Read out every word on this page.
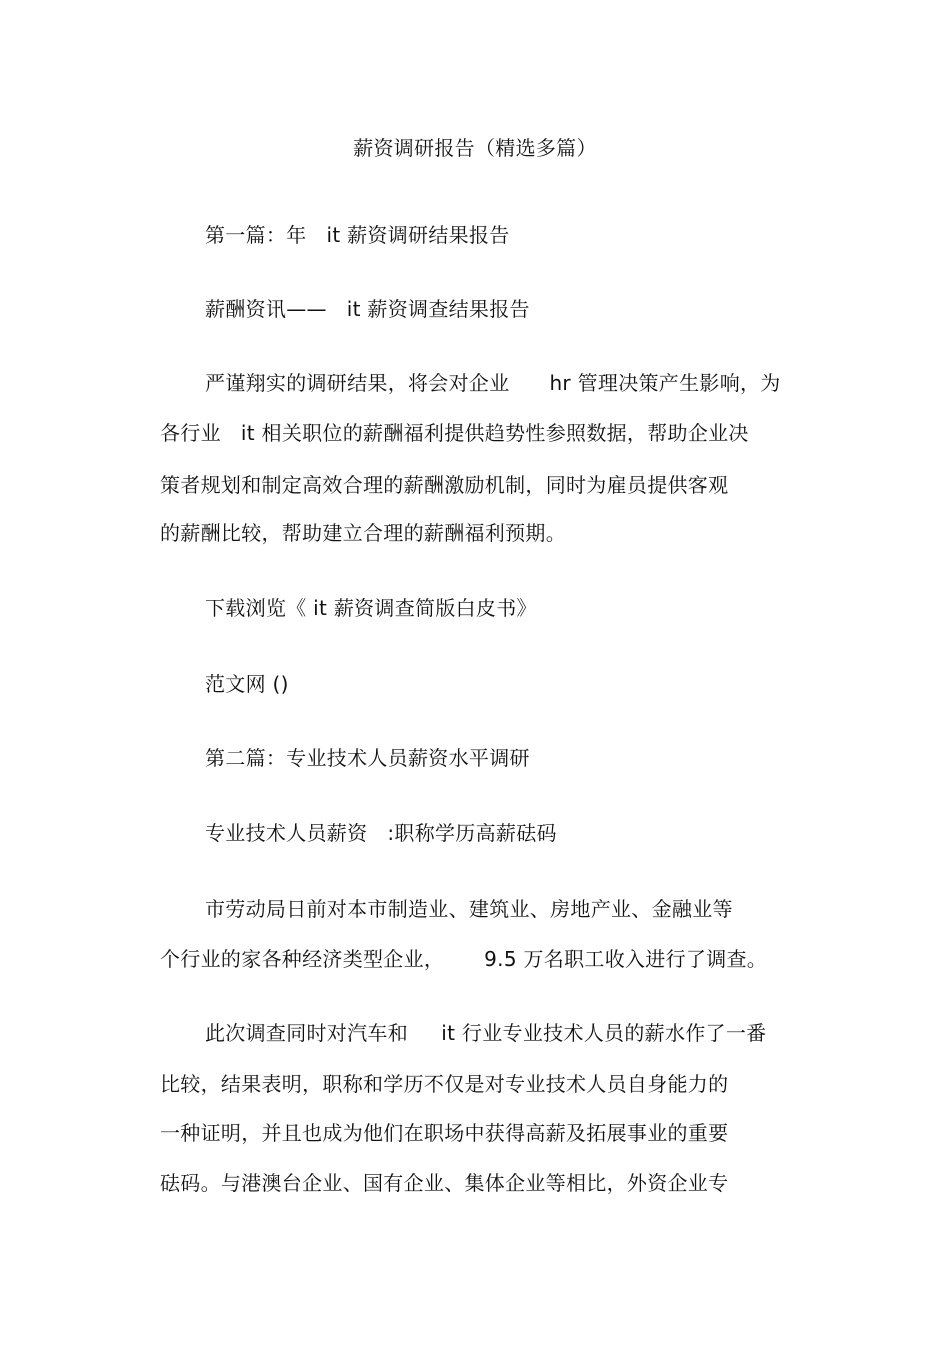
薪资调研报告（精选多篇）
第一篇：年   it 薪资调研结果报告
薪酬资讯——   it 薪资调查结果报告
严谨翔实的调研结果，将会对企业      hr 管理决策产生影响，为
各行业   it 相关职位的薪酬福利提供趋势性参照数据，帮助企业决
策者规划和制定高效合理的薪酬激励机制，同时为雇员提供客观
的薪酬比较，帮助建立合理的薪酬福利预期。
下载浏览《 it 薪资调查简版白皮书》
范文网 ()
第二篇：专业技术人员薪资水平调研
专业技术人员薪资   :职称学历高薪砝码
市劳动局日前对本市制造业、建筑业、房地产业、金融业等
个行业的家各种经济类型企业，      9.5 万名职工收入进行了调查。
此次调查同时对汽车和     it 行业专业技术人员的薪水作了一番
比较，结果表明，职称和学历不仅是对专业技术人员自身能力的
一种证明，并且也成为他们在职场中获得高薪及拓展事业的重要
砝码。与港澳台企业、国有企业、集体企业等相比，外资企业专
